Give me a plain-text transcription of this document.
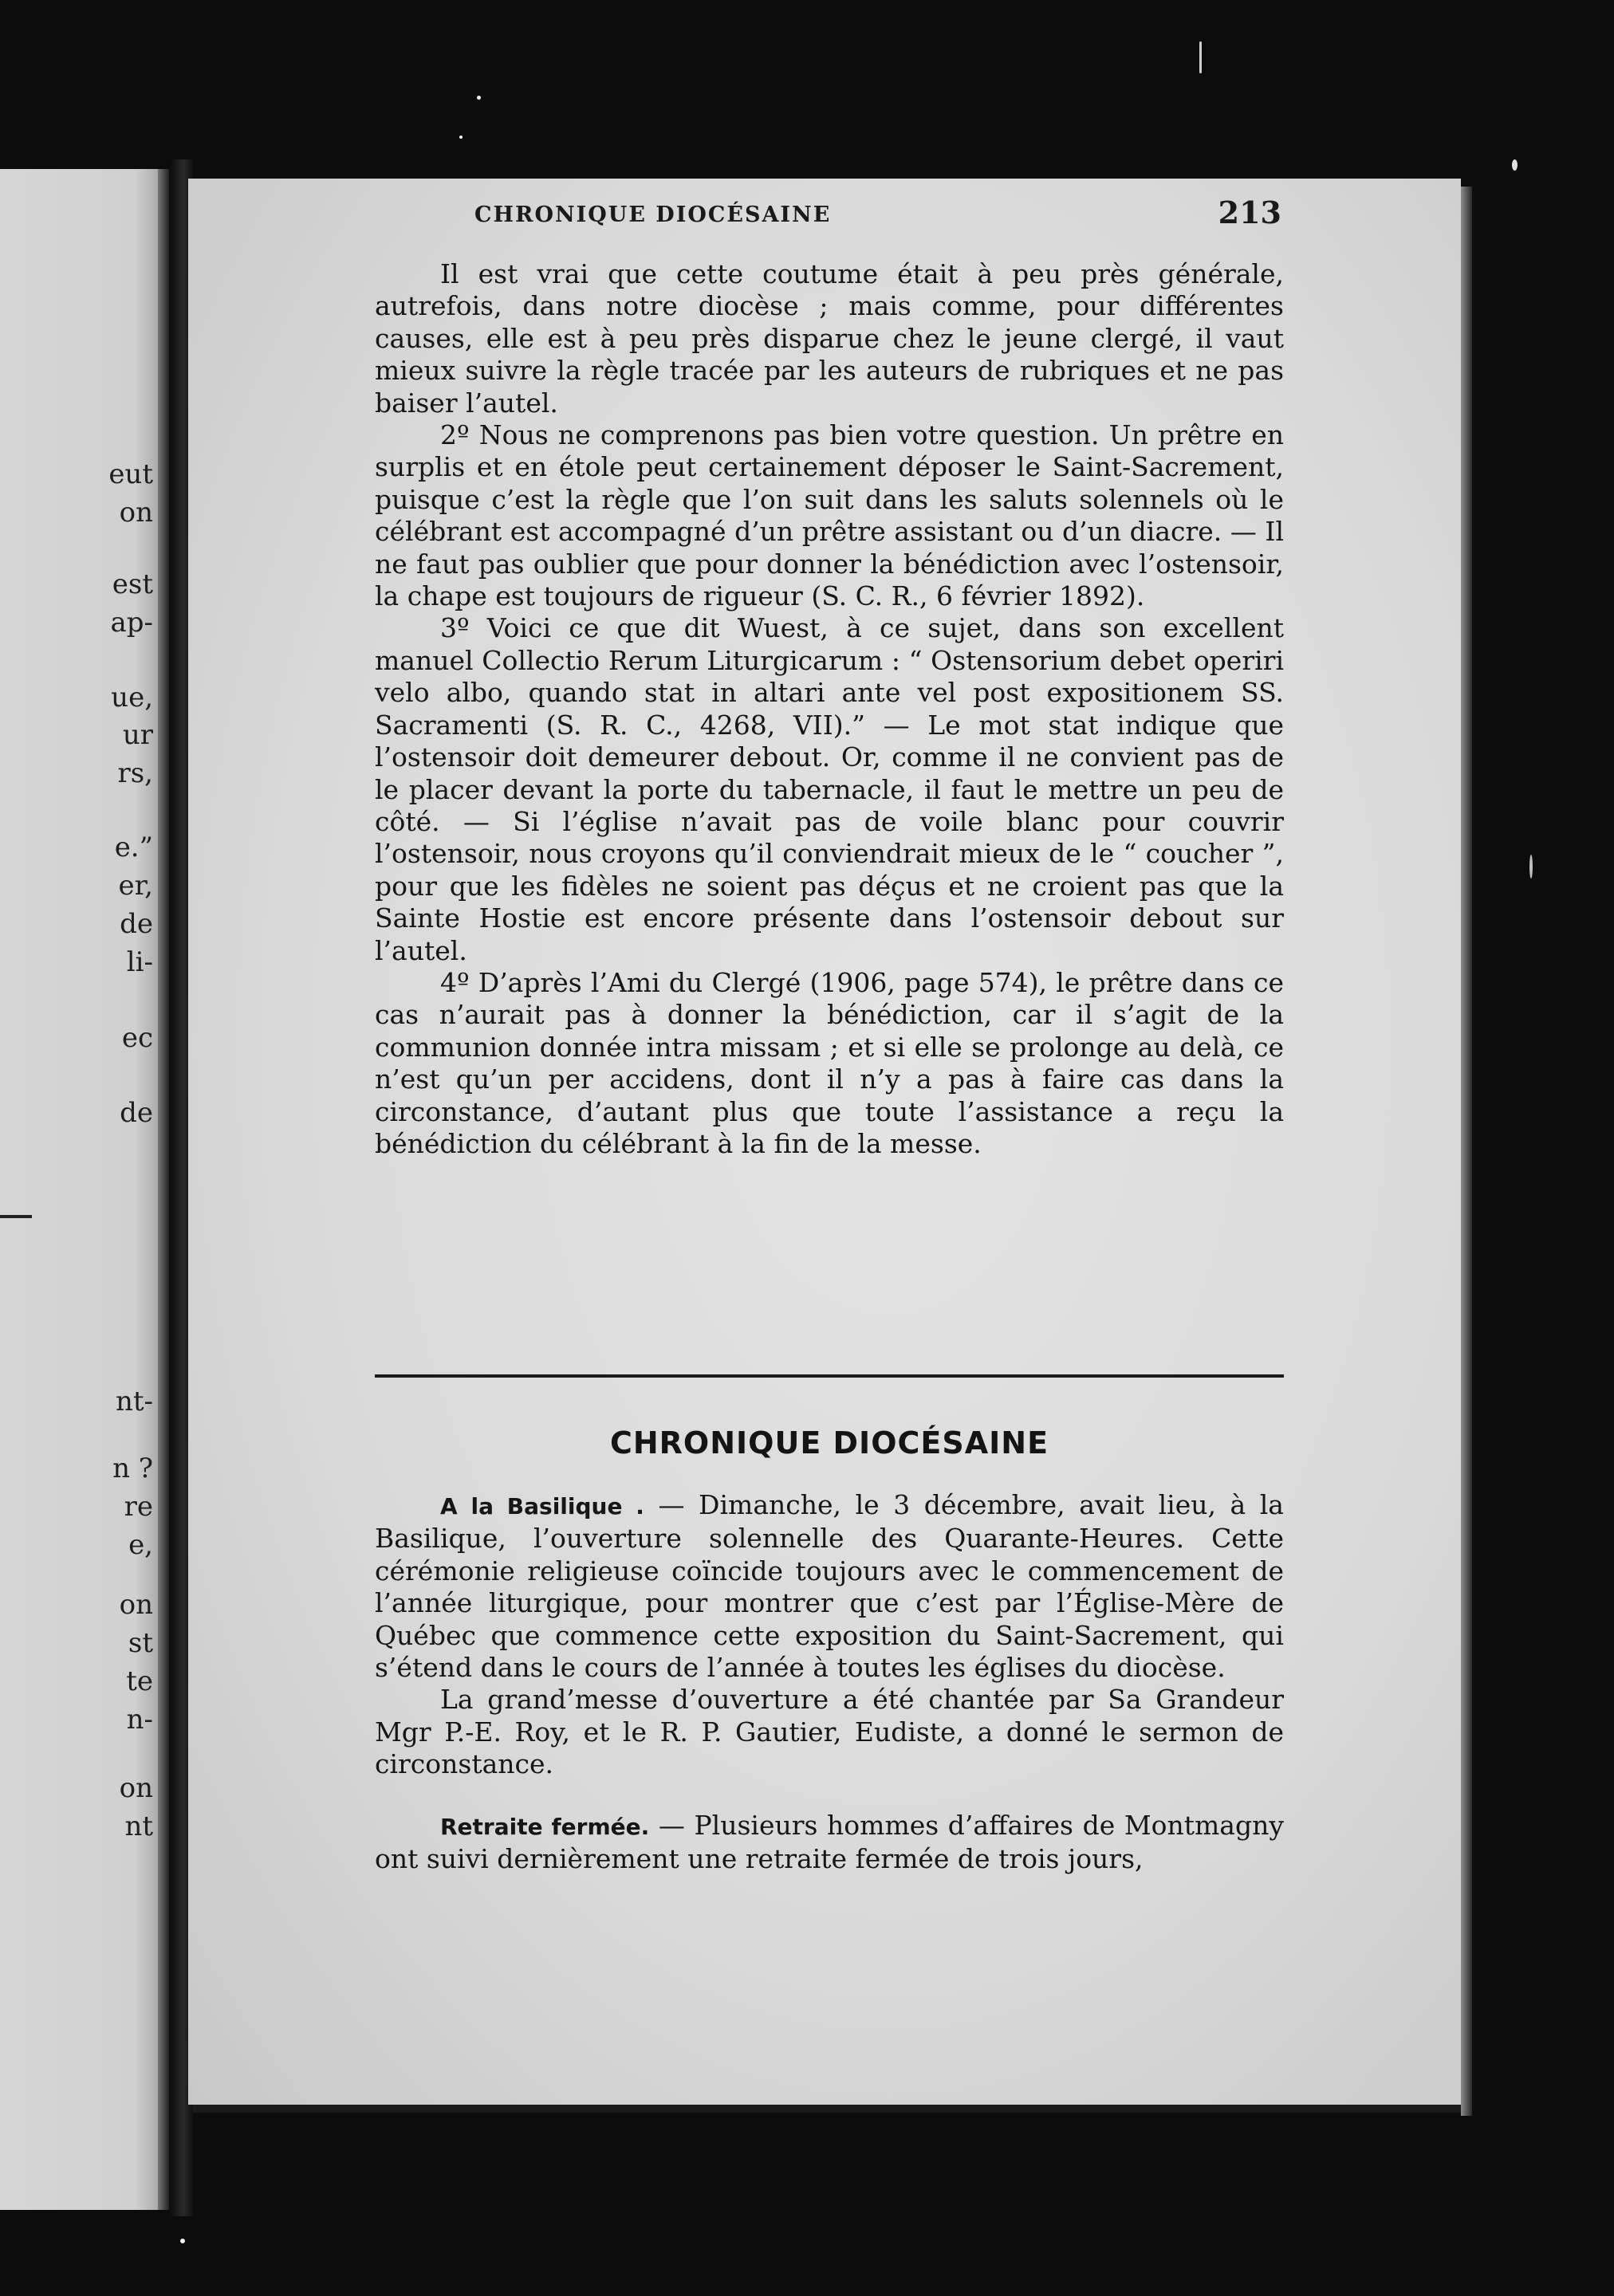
eut
on
est
ap-
ue,
ur
rs,
e.”
er,
de
li-
ec
de
nt-
n ?
re
e,
on
st
te
n-
on
nt
CHRONIQUE DIOCÉSAINE	213

Il est vrai que cette coutume était à peu près générale, autrefois, dans notre diocèse ; mais comme, pour différentes causes, elle est à peu près disparue chez le jeune clergé, il vaut mieux suivre la règle tracée par les auteurs de rubriques et ne pas baiser l’autel.

2º Nous ne comprenons pas bien votre question. Un prêtre en surplis et en étole peut certainement déposer le Saint-Sacrement, puisque c’est la règle que l’on suit dans les saluts solennels où le célébrant est accompagné d’un prêtre assistant ou d’un diacre. — Il ne faut pas oublier que pour donner la bénédiction avec l’ostensoir, la chape est toujours de rigueur (S. C. R., 6 février 1892).

3º Voici ce que dit Wuest, à ce sujet, dans son excellent manuel Collectio Rerum Liturgicarum : “ Ostensorium debet operiri velo albo, quando stat in altari ante vel post expositionem SS. Sacramenti (S. R. C., 4268, VII).” — Le mot stat indique que l’ostensoir doit demeurer debout. Or, comme il ne convient pas de le placer devant la porte du tabernacle, il faut le mettre un peu de côté. — Si l’église n’avait pas de voile blanc pour couvrir l’ostensoir, nous croyons qu’il conviendrait mieux de le “ coucher ”, pour que les fidèles ne soient pas déçus et ne croient pas que la Sainte Hostie est encore présente dans l’ostensoir debout sur l’autel.

4º D’après l’Ami du Clergé (1906, page 574), le prêtre dans ce cas n’aurait pas à donner la bénédiction, car il s’agit de la communion donnée intra missam ; et si elle se prolonge au delà, ce n’est qu’un per accidens, dont il n’y a pas à faire cas dans la circonstance, d’autant plus que toute l’assistance a reçu la bénédiction du célébrant à la fin de la messe.

CHRONIQUE DIOCÉSAINE

A la Basilique . — Dimanche, le 3 décembre, avait lieu, à la Basilique, l’ouverture solennelle des Quarante-Heures. Cette cérémonie religieuse coïncide toujours avec le commencement de l’année liturgique, pour montrer que c’est par l’Église-Mère de Québec que commence cette exposition du Saint-Sacrement, qui s’étend dans le cours de l’année à toutes les églises du diocèse.

La grand’messe d’ouverture a été chantée par Sa Grandeur Mgr P.-E. Roy, et le R. P. Gautier, Eudiste, a donné le sermon de circonstance.

Retraite fermée. — Plusieurs hommes d’affaires de Montmagny ont suivi dernièrement une retraite fermée de trois jours,
